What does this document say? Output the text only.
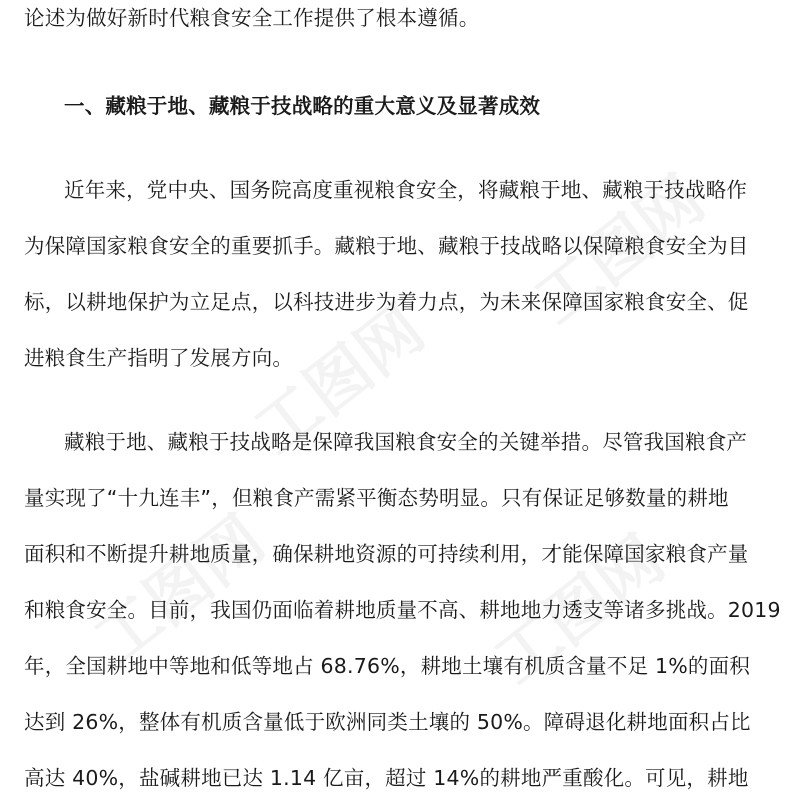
工图网
工图网
工图网	工图网
论述为做好新时代粮食安全工作提供了根本遵循。
一、藏粮于地、藏粮于技战略的重大意义及显著成效
近年来，党中央、国务院高度重视粮食安全，将藏粮于地、藏粮于技战略作
为保障国家粮食安全的重要抓手。藏粮于地、藏粮于技战略以保障粮食安全为目
标，以耕地保护为立足点，以科技进步为着力点，为未来保障国家粮食安全、促
进粮食生产指明了发展方向。
藏粮于地、藏粮于技战略是保障我国粮食安全的关键举措。尽管我国粮食产
量实现了“十九连丰”，但粮食产需紧平衡态势明显。只有保证足够数量的耕地
面积和不断提升耕地质量，确保耕地资源的可持续利用，才能保障国家粮食产量
和粮食安全。目前，我国仍面临着耕地质量不高、耕地地力透支等诸多挑战。2019
年，全国耕地中等地和低等地占 68.76%，耕地土壤有机质含量不足 1%的面积
达到 26%，整体有机质含量低于欧洲同类土壤的 50%。障碍退化耕地面积占比
高达 40%，盐碱耕地已达 1.14 亿亩，超过 14%的耕地严重酸化。可见，耕地
